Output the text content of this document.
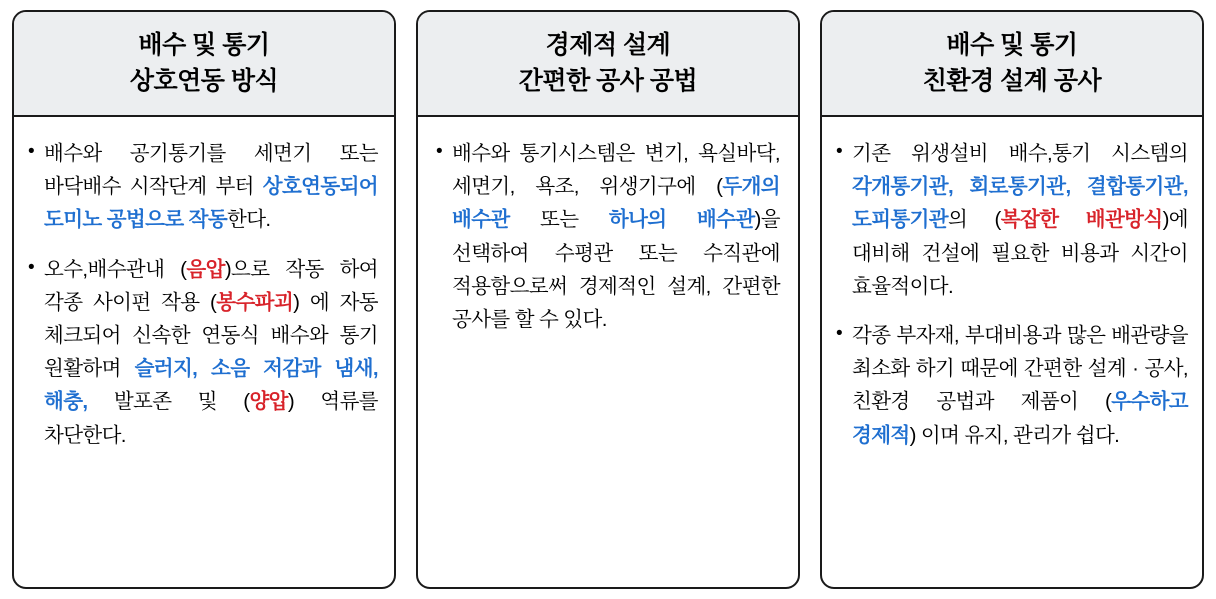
배수 및 통기
상호연동 방식
• 배수와 공기통기를 세면기 또는 바닥배수 시작단계 부터 상호연동되어 도미노 공법으로 작동한다.
• 오수,배수관내 (음압)으로 작동 하여 각종 사이펀 작용 (봉수파괴) 에 자동 체크되어 신속한 연동식 배수와 통기 원활하며 슬러지, 소음 저감과 냄새, 해충, 발포존 및 (양압) 역류를 차단한다.
경제적 설계
간편한 공사 공법
• 배수와 통기시스템은 변기, 욕실바닥, 세면기, 욕조, 위생기구에 (두개의 배수관 또는 하나의 배수관)을 선택하여 수평관 또는 수직관에 적용함으로써 경제적인 설계, 간편한 공사를 할 수 있다.
배수 및 통기
친환경 설계 공사
• 기존 위생설비 배수,통기 시스템의 각개통기관, 회로통기관, 결합통기관, 도피통기관의 (복잡한 배관방식)에 대비해 건설에 필요한 비용과 시간이 효율적이다.
• 각종 부자재, 부대비용과 많은 배관량을 최소화 하기 때문에 간편한 설계 · 공사, 친환경 공법과 제품이 (우수하고 경제적) 이며 유지, 관리가 쉽다.
